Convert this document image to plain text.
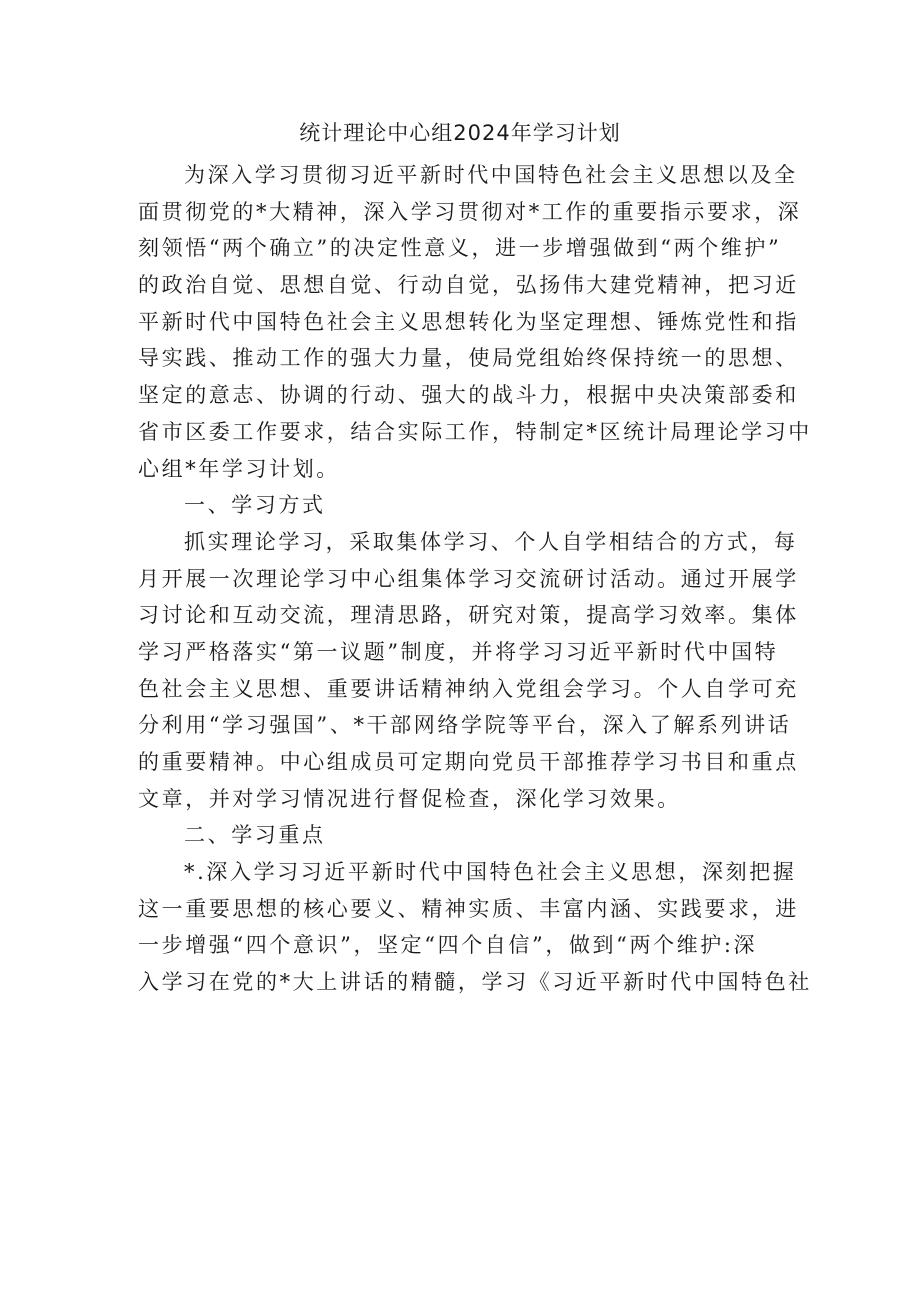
统计理论中心组2024年学习计划
为深入学习贯彻习近平新时代中国特色社会主义思想以及全
面贯彻党的*大精神，深入学习贯彻对*工作的重要指示要求，深
刻领悟“两个确立”的决定性意义，进一步增强做到“两个维护”
的政治自觉、思想自觉、行动自觉，弘扬伟大建党精神，把习近
平新时代中国特色社会主义思想转化为坚定理想、锤炼党性和指
导实践、推动工作的强大力量，使局党组始终保持统一的思想、
坚定的意志、协调的行动、强大的战斗力，根据中央决策部委和
省市区委工作要求，结合实际工作，特制定*区统计局理论学习中
心组*年学习计划。
一、学习方式
抓实理论学习，采取集体学习、个人自学相结合的方式，每
月开展一次理论学习中心组集体学习交流研讨活动。通过开展学
习讨论和互动交流，理清思路，研究对策，提高学习效率。集体
学习严格落实“第一议题”制度，并将学习习近平新时代中国特
色社会主义思想、重要讲话精神纳入党组会学习。个人自学可充
分利用“学习强国”、*干部网络学院等平台，深入了解系列讲话
的重要精神。中心组成员可定期向党员干部推荐学习书目和重点
文章，并对学习情况进行督促检查，深化学习效果。
二、学习重点
*.深入学习习近平新时代中国特色社会主义思想，深刻把握
这一重要思想的核心要义、精神实质、丰富内涵、实践要求，进
一步增强“四个意识”，坚定“四个自信”，做到“两个维护:深
入学习在党的*大上讲话的精髓，学习《习近平新时代中国特色社
